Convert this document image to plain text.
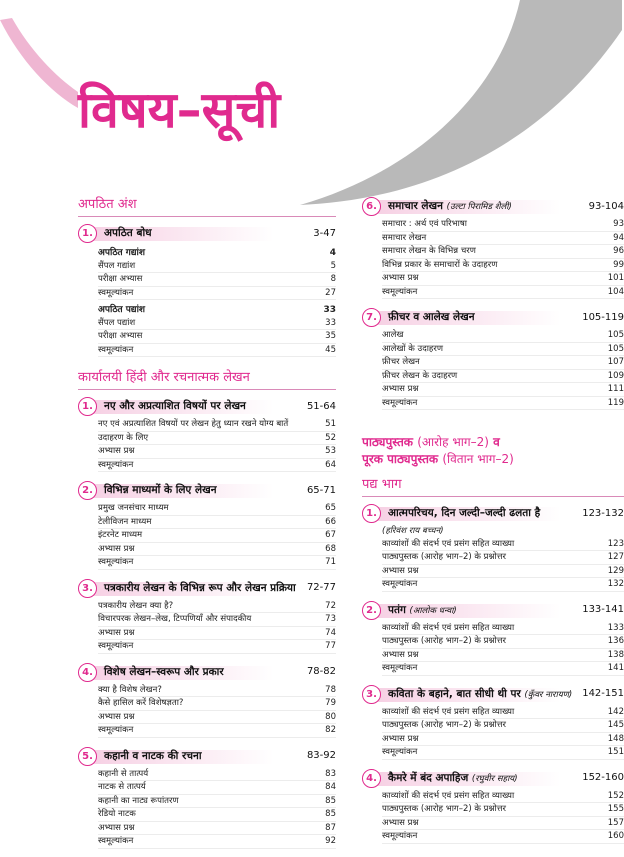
विषय–सूची
अपठित अंश
1.	अपठित बोध	3-47
अपठित गद्यांश	4
सैंपल गद्यांश	5
परीक्षा अभ्यास	8
स्वमूल्यांकन	27
अपठित पद्यांश	33
सैंपल पद्यांश	33
परीक्षा अभ्यास	35
स्वमूल्यांकन	45
कार्यालयी हिंदी और रचनात्मक लेखन
1.	नए और अप्रत्याशित विषयों पर लेखन	51-64
नए एवं अप्रत्याशित विषयों पर लेखन हेतु ध्यान रखने योग्य बातें	51
उदाहरण के लिए	52
अभ्यास प्रश्न	53
स्वमूल्यांकन	64
2.	विभिन्न माध्यमों के लिए लेखन	65-71
प्रमुख जनसंचार माध्यम	65
टेलीविजन माध्यम	66
इंटरनेट माध्यम	67
अभ्यास प्रश्न	68
स्वमूल्यांकन	71
3.	पत्रकारीय लेखन के विभिन्न रूप और लेखन प्रक्रिया	72-77
पत्रकारीय लेखन क्या है?	72
विचारपरक लेखन–लेख, टिप्पणियाँ और संपादकीय	73
अभ्यास प्रश्न	74
स्वमूल्यांकन	77
4.	विशेष लेखन–स्वरूप और प्रकार	78-82
क्या है विशेष लेखन?	78
कैसे हासिल करें विशेषज्ञता?	79
अभ्यास प्रश्न	80
स्वमूल्यांकन	82
5.	कहानी व नाटक की रचना	83-92
कहानी से तात्पर्य	83
नाटक से तात्पर्य	84
कहानी का नाट्य रूपांतरण	85
रेडियो नाटक	85
अभ्यास प्रश्न	87
स्वमूल्यांकन	92
6.	समाचार लेखन (उल्टा पिरामिड शैली)	93-104
समाचार : अर्थ एवं परिभाषा	93
समाचार लेखन	94
समाचार लेखन के विभिन्न चरण	96
विभिन्न प्रकार के समाचारों के उदाहरण	99
अभ्यास प्रश्न	101
स्वमूल्यांकन	104
7.	फ़ीचर व आलेख लेखन	105-119
आलेख	105
आलेखों के उदाहरण	105
फ़ीचर लेखन	107
फ़ीचर लेखन के उदाहरण	109
अभ्यास प्रश्न	111
स्वमूल्यांकन	119
पाठ्यपुस्तक (आरोह भाग–2) व
पूरक पाठ्यपुस्तक (वितान भाग–2)
पद्य भाग
1.	आत्मपरिचय, दिन जल्दी–जल्दी ढलता है	123-132
(हरिवंश राय बच्चन)
काव्यांशों की संदर्भ एवं प्रसंग सहित व्याख्या	123
पाठ्यपुस्तक (आरोह भाग–2) के प्रश्नोत्तर	127
अभ्यास प्रश्न	129
स्वमूल्यांकन	132
2.	पतंग (आलोक धन्वा)	133-141
काव्यांशों की संदर्भ एवं प्रसंग सहित व्याख्या	133
पाठ्यपुस्तक (आरोह भाग–2) के प्रश्नोत्तर	136
अभ्यास प्रश्न	138
स्वमूल्यांकन	141
3.	कविता के बहाने, बात सीधी थी पर (कुँवर नारायण) 142-151
काव्यांशों की संदर्भ एवं प्रसंग सहित व्याख्या	142
पाठ्यपुस्तक (आरोह भाग–2) के प्रश्नोत्तर	145
अभ्यास प्रश्न	148
स्वमूल्यांकन	151
4.	कैमरे में बंद अपाहिज (रघुवीर सहाय)	152-160
काव्यांशों की संदर्भ एवं प्रसंग सहित व्याख्या	152
पाठ्यपुस्तक (आरोह भाग–2) के प्रश्नोत्तर	155
अभ्यास प्रश्न	157
स्वमूल्यांकन	160
